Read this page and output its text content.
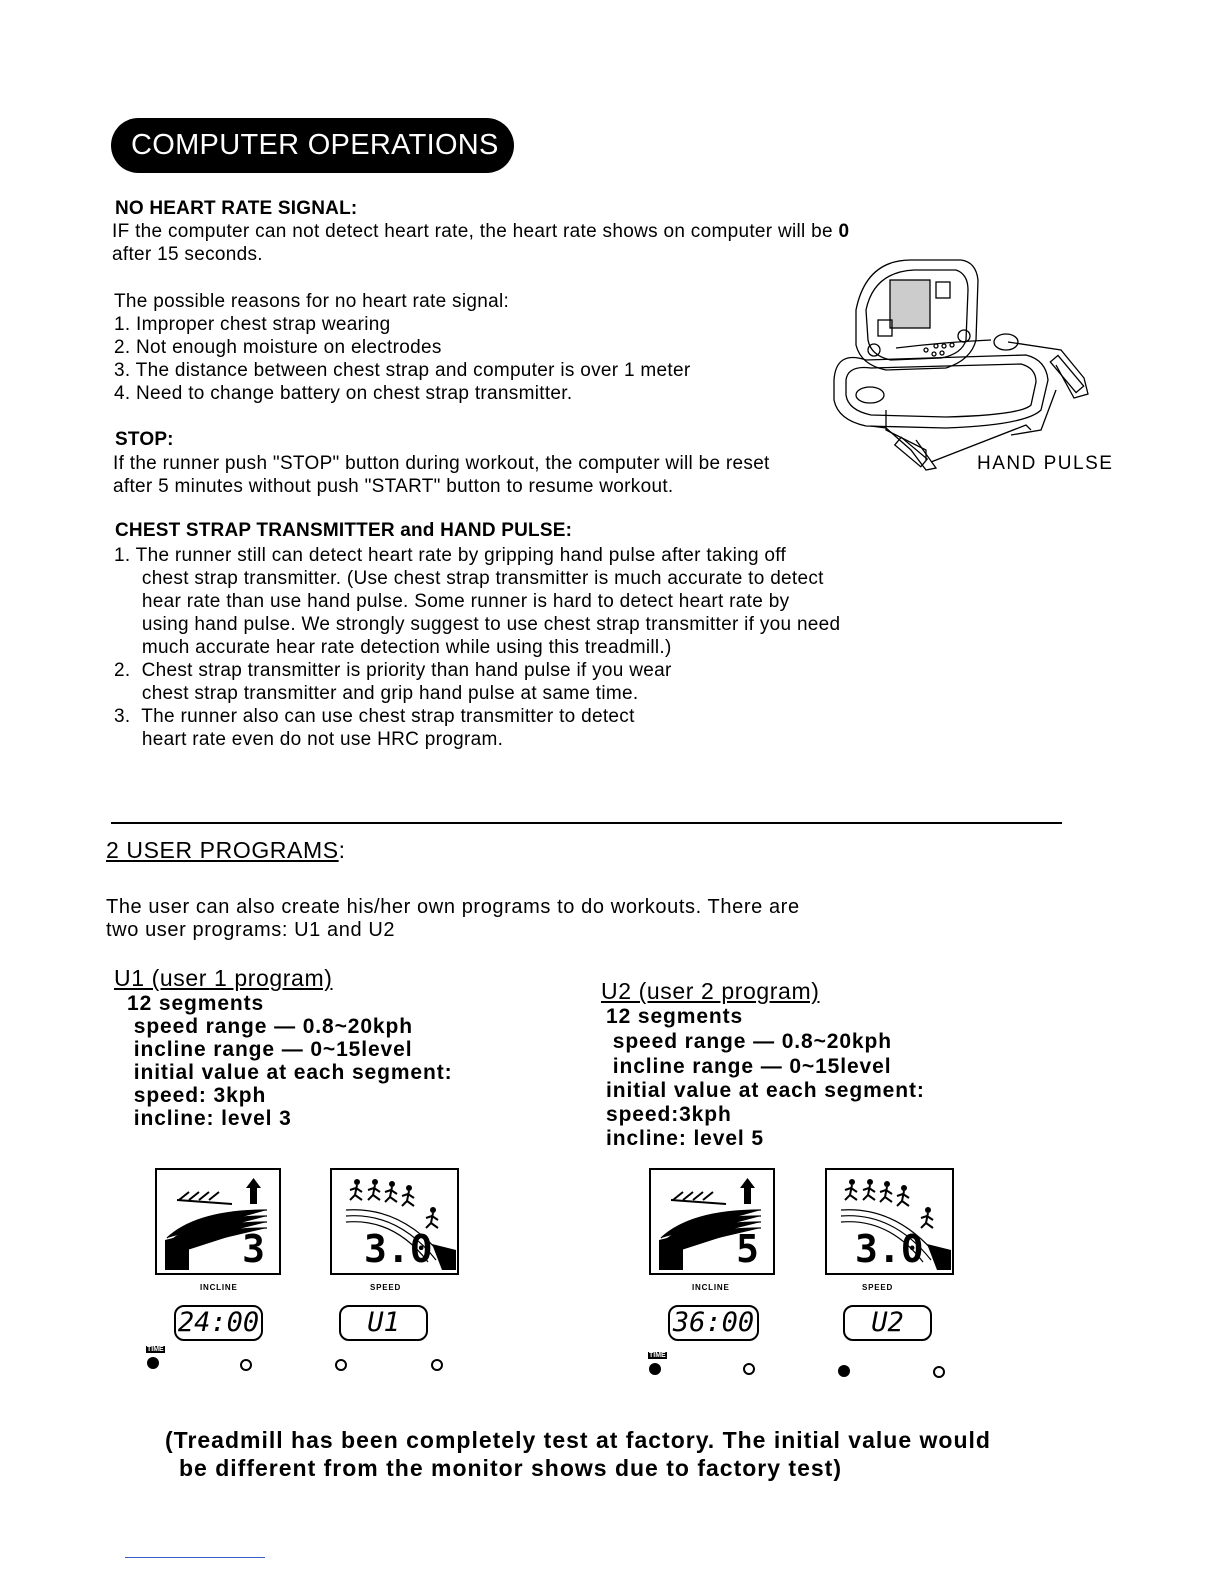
COMPUTER OPERATIONS
NO HEART RATE SIGNAL:
IF the computer can not detect heart rate, the heart rate shows on computer will be 0
after 15 seconds.
The possible reasons for no heart rate signal:
1. Improper chest strap wearing
2. Not enough moisture on electrodes
3. The distance between chest strap and computer is over 1 meter
4. Need to change battery on chest strap transmitter.
STOP:
If the runner push "STOP" button during workout, the computer will be reset
after 5 minutes without push "START" button to resume workout.
HAND PULSE
CHEST STRAP TRANSMITTER and HAND PULSE:
1. The runner still can detect heart rate by gripping hand pulse after taking off
chest strap transmitter. (Use chest strap transmitter is much accurate to detect
hear rate than use hand pulse. Some runner is hard to detect heart rate by
using hand pulse. We strongly suggest to use chest strap transmitter if you need
much accurate hear rate detection while using this treadmill.)
2.  Chest strap transmitter is priority than hand pulse if you wear
chest strap transmitter and grip hand pulse at same time.
3.  The runner also can use chest strap transmitter to detect
heart rate even do not use HRC program.
2 USER PROGRAMS:
The user can also create his/her own programs to do workouts. There are
two user programs: U1 and U2
U1 (user 1 program)
12 segments
speed range — 0.8~20kph
incline range — 0~15level
initial value at each segment:
speed: 3kph
incline: level 3
U2 (user 2 program)
12 segments
speed range — 0.8~20kph
incline range — 0~15level
initial value at each segment:
speed:3kph
incline: level 5
3
INCLINE
3.0
SPEED
24:00	U1
TIME
5
INCLINE
3.0
SPEED
36:00	U2
TIME
(Treadmill has been completely test at factory. The initial value would
be different from the monitor shows due to factory test)
